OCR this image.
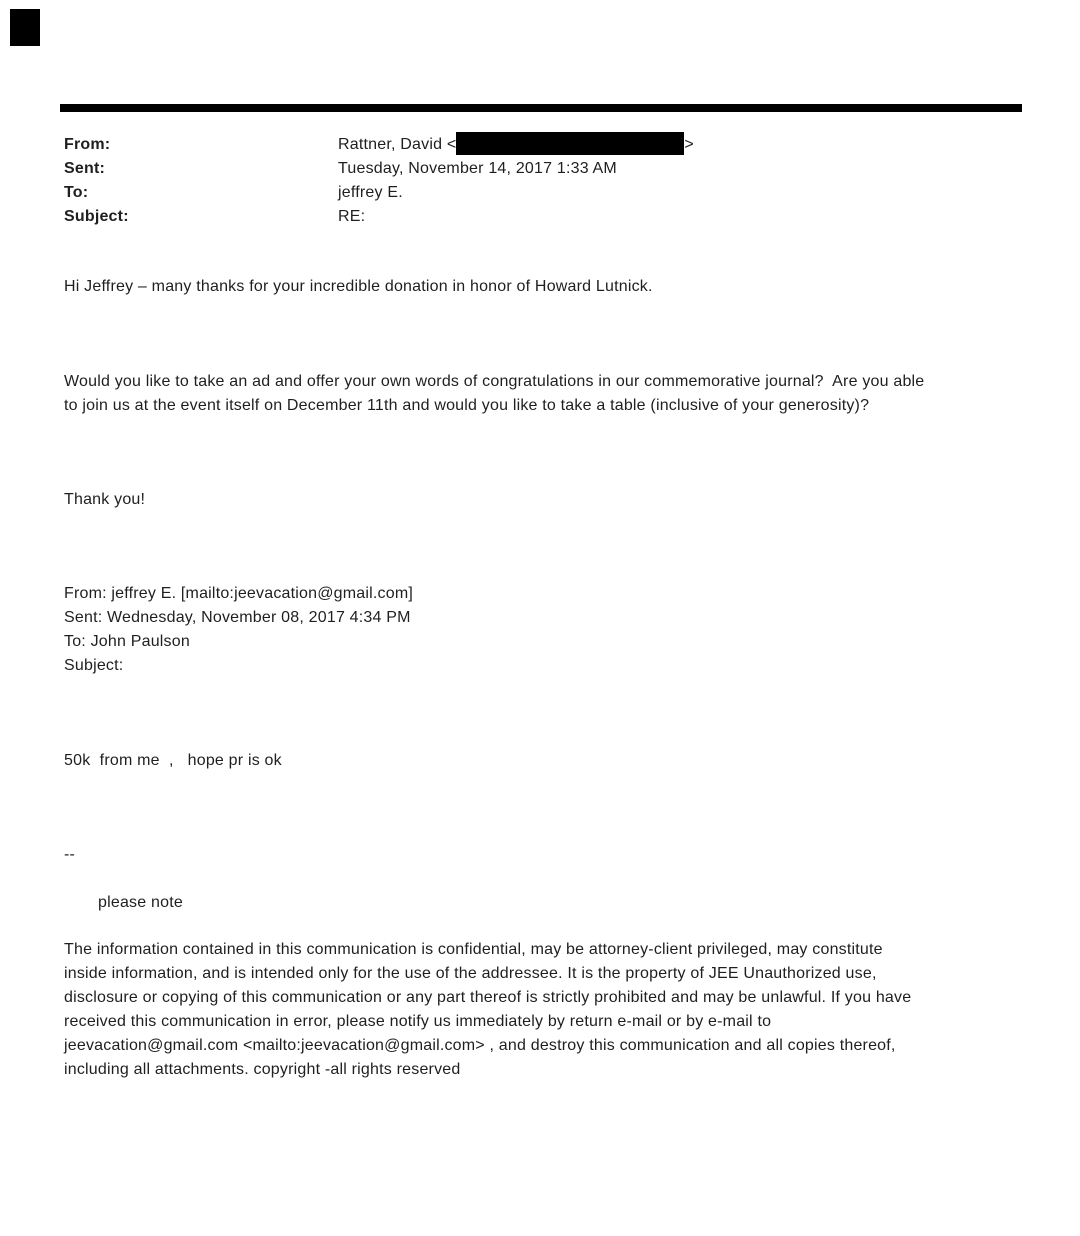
From:	Rattner, David <	>
Sent:	Tuesday, November 14, 2017 1:33 AM
To:	jeffrey E.
Subject:	RE:
Hi Jeffrey – many thanks for your incredible donation in honor of Howard Lutnick.
Would you like to take an ad and offer your own words of congratulations in our commemorative journal?  Are you able
to join us at the event itself on December 11th and would you like to take a table (inclusive of your generosity)?
Thank you!
From: jeffrey E. [mailto:jeevacation@gmail.com]
Sent: Wednesday, November 08, 2017 4:34 PM
To: John Paulson
Subject:
50k  from me  ,   hope pr is ok
--
please note
The information contained in this communication is confidential, may be attorney-client privileged, may constitute
inside information, and is intended only for the use of the addressee. It is the property of JEE Unauthorized use,
disclosure or copying of this communication or any part thereof is strictly prohibited and may be unlawful. If you have
received this communication in error, please notify us immediately by return e-mail or by e-mail to
jeevacation@gmail.com <mailto:jeevacation@gmail.com> , and destroy this communication and all copies thereof,
including all attachments. copyright -all rights reserved
